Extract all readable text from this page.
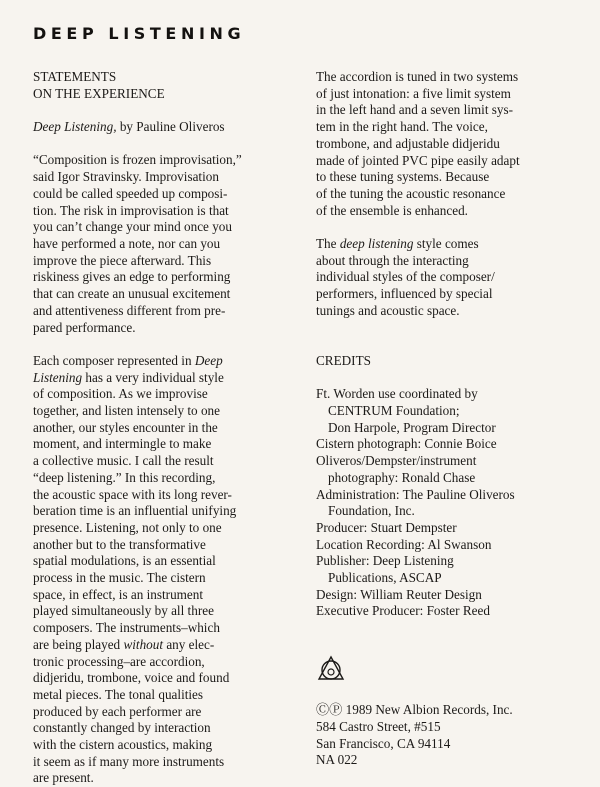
DEEP LISTENING
STATEMENTS
ON THE EXPERIENCE
Deep Listening, by Pauline Oliveros
“Composition is frozen improvisation,”
said Igor Stravinsky. Improvisation
could be called speeded up composi-
tion. The risk in improvisation is that
you can’t change your mind once you
have performed a note, nor can you
improve the piece afterward. This
riskiness gives an edge to performing
that can create an unusual excitement
and attentiveness different from pre-
pared performance.
Each composer represented in Deep
Listening has a very individual style
of composition. As we improvise
together, and listen intensely to one
another, our styles encounter in the
moment, and intermingle to make
a collective music. I call the result
“deep listening.” In this recording,
the acoustic space with its long rever-
beration time is an influential unifying
presence. Listening, not only to one
another but to the transformative
spatial modulations, is an essential
process in the music. The cistern
space, in effect, is an instrument
played simultaneously by all three
composers. The instruments–which
are being played without any elec-
tronic processing–are accordion,
didjeridu, trombone, voice and found
metal pieces. The tonal qualities
produced by each performer are
constantly changed by interaction
with the cistern acoustics, making
it seem as if many more instruments
are present.
The accordion is tuned in two systems
of just intonation: a five limit system
in the left hand and a seven limit sys-
tem in the right hand. The voice,
trombone, and adjustable didjeridu
made of jointed PVC pipe easily adapt
to these tuning systems. Because
of the tuning the acoustic resonance
of the ensemble is enhanced.
The deep listening style comes
about through the interacting
individual styles of the composer/
performers, influenced by special
tunings and acoustic space.
CREDITS
Ft. Worden use coordinated by
CENTRUM Foundation;
Don Harpole, Program Director
Cistern photograph: Connie Boice
Oliveros/Dempster/instrument
photography: Ronald Chase
Administration: The Pauline Oliveros
Foundation, Inc.
Producer: Stuart Dempster
Location Recording: Al Swanson
Publisher: Deep Listening
Publications, ASCAP
Design: William Reuter Design
Executive Producer: Foster Reed
ⒸⓅ 1989 New Albion Records, Inc.
584 Castro Street, #515
San Francisco, CA 94114
NA 022
